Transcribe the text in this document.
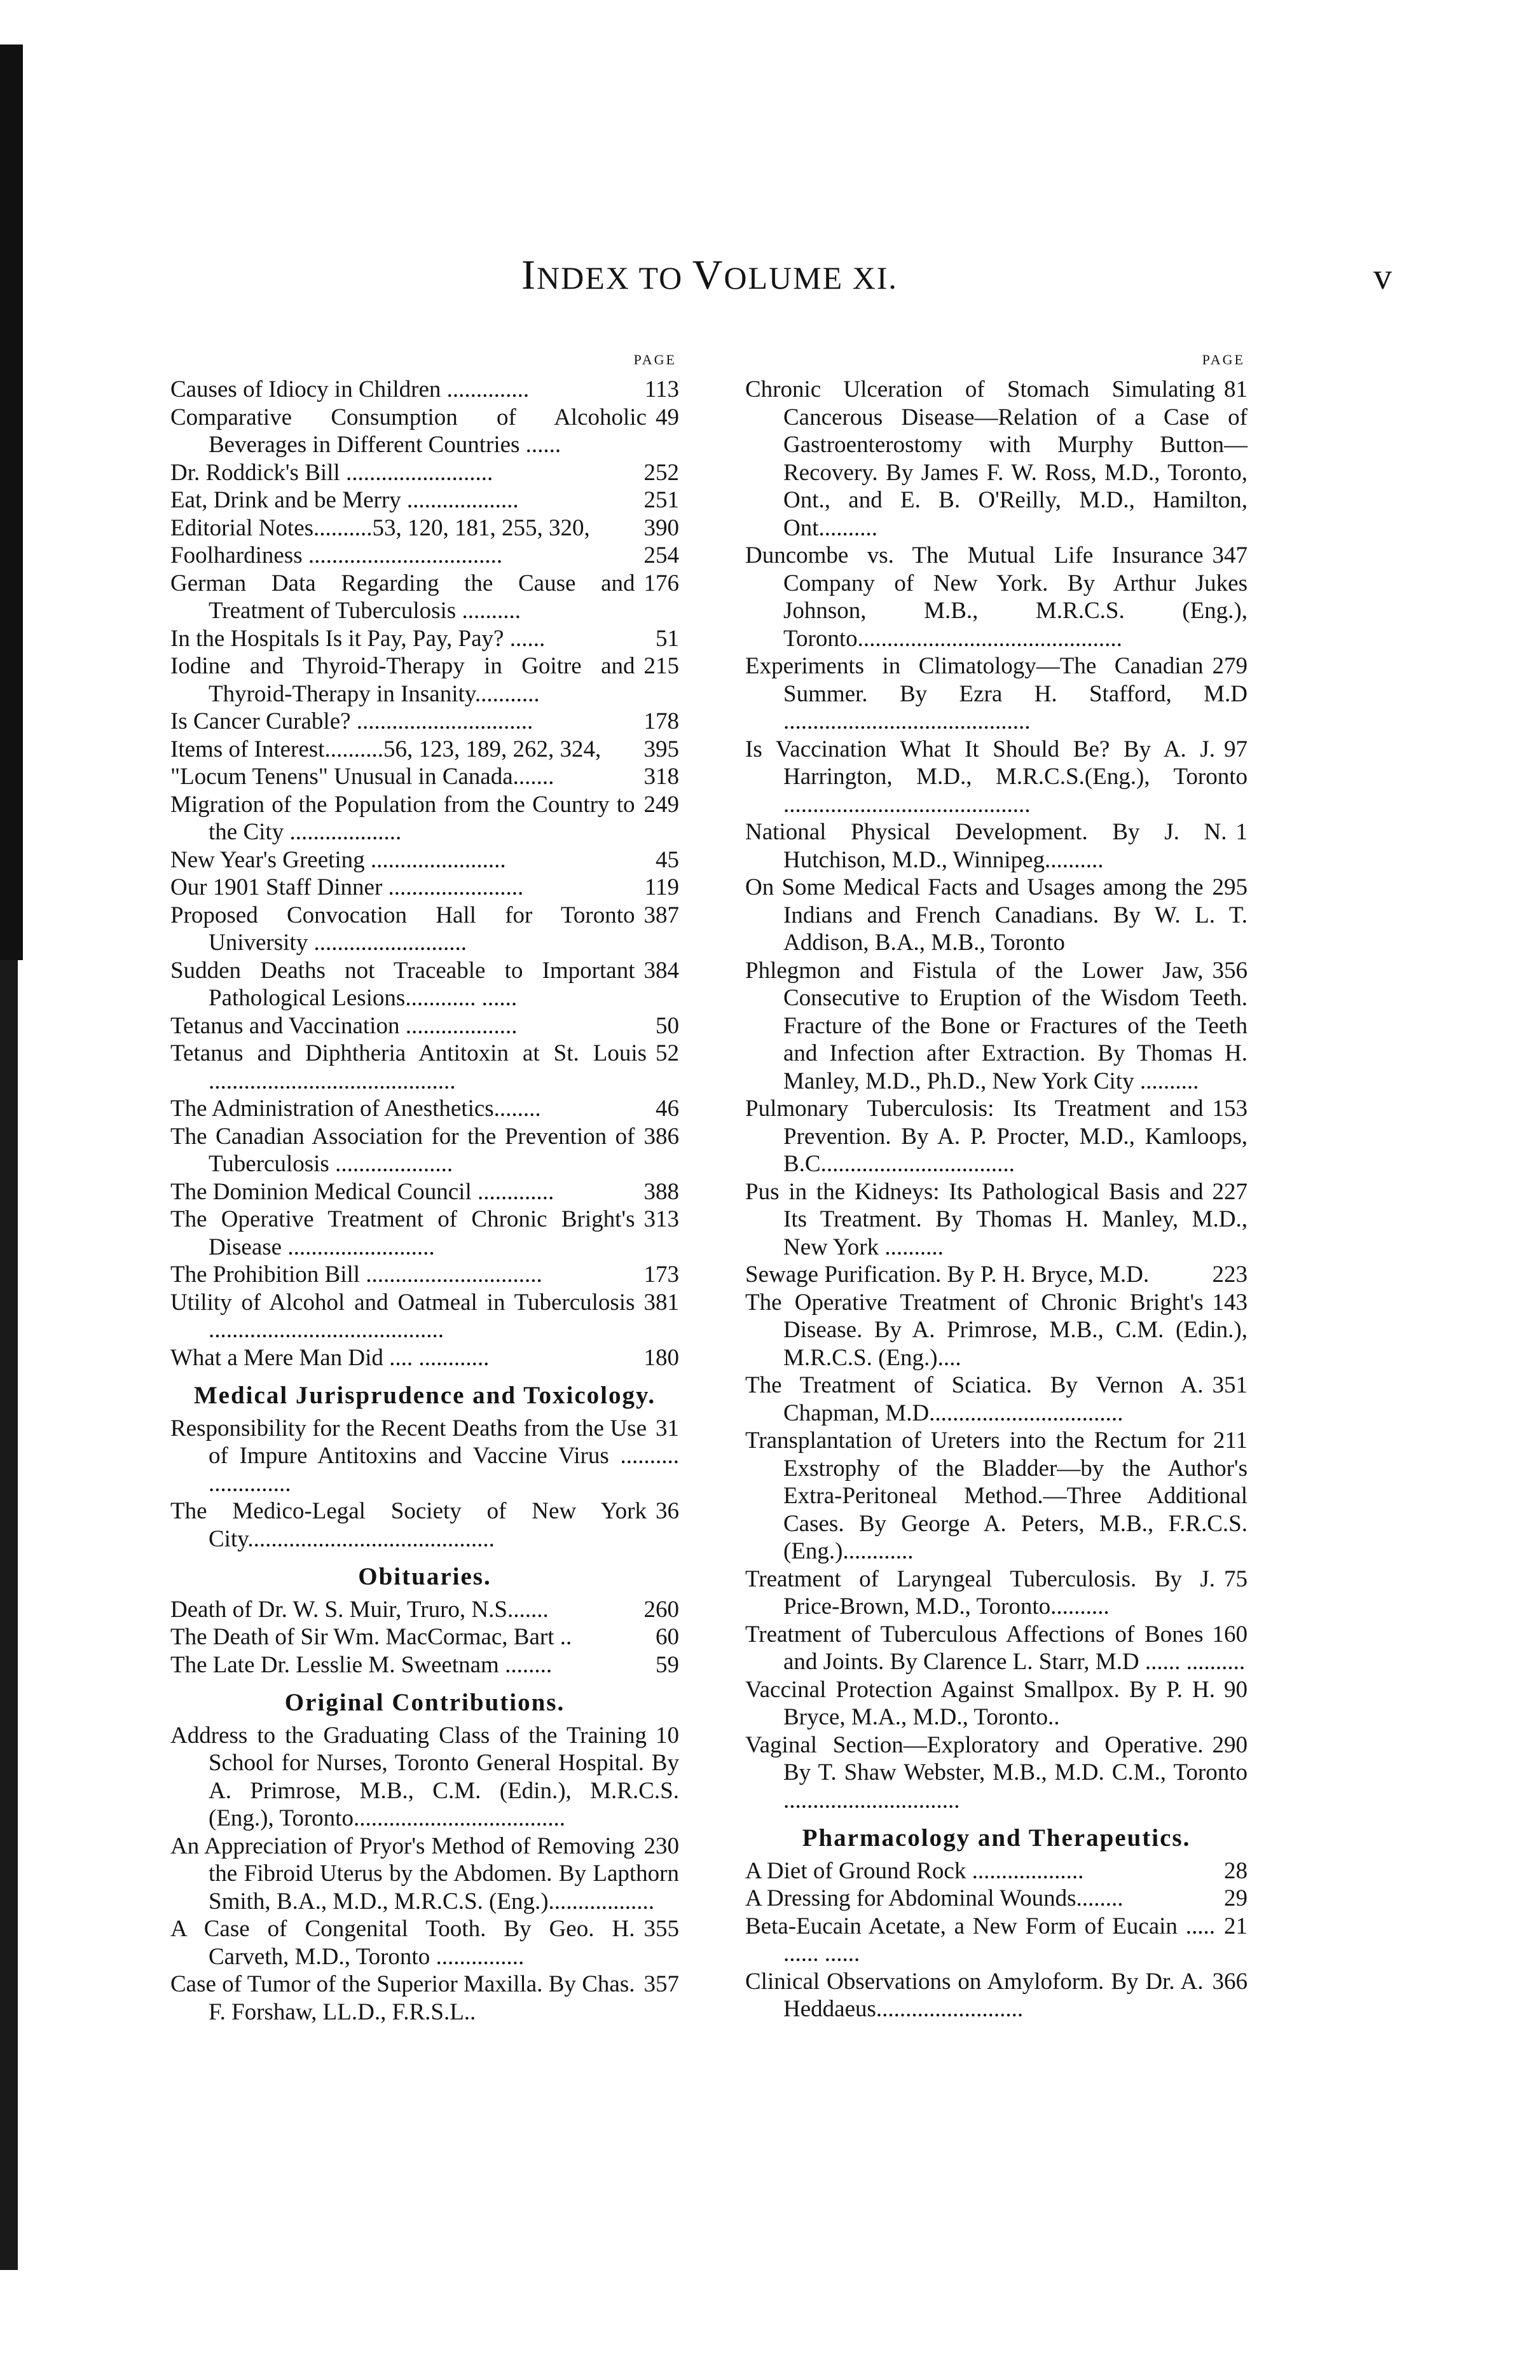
INDEX TO VOLUME XI.	v
PAGE
113
Causes of Idiocy in Children ..............
49
Comparative Consumption of Alcoholic Beverages in Different Countries ......
252
Dr. Roddick's Bill .........................
251
Eat, Drink and be Merry ...................
390
Editorial Notes..........53, 120, 181, 255, 320,
254
Foolhardiness .................................
176
German Data Regarding the Cause and Treatment of Tuberculosis ..........
51
In the Hospitals Is it Pay, Pay, Pay? ......
215
Iodine and Thyroid-Therapy in Goitre and Thyroid-Therapy in Insanity...........
178
Is Cancer Curable? ..............................
395
Items of Interest..........56, 123, 189, 262, 324,
318
"Locum Tenens" Unusual in Canada.......
249
Migration of the Population from the Country to the City ...................
45
New Year's Greeting .......................
119
Our 1901 Staff Dinner .......................
387
Proposed Convocation Hall for Toronto University ..........................
384
Sudden Deaths not Traceable to Important Pathological Lesions............ ......
50
Tetanus and Vaccination ...................
52
Tetanus and Diphtheria Antitoxin at St. Louis ..........................................
46
The Administration of Anesthetics........
386
The Canadian Association for the Prevention of Tuberculosis ....................
388
The Dominion Medical Council .............
313
The Operative Treatment of Chronic Bright's Disease .........................
173
The Prohibition Bill ..............................
381
Utility of Alcohol and Oatmeal in Tuberculosis ........................................
180
What a Mere Man Did .... ............
Medical Jurisprudence and Toxicology.
31
Responsibility for the Recent Deaths from the Use of Impure Antitoxins and Vaccine Virus .......... ..............
36
The Medico-Legal Society of New York City..........................................
Obituaries.
260
Death of Dr. W. S. Muir, Truro, N.S.......
60
The Death of Sir Wm. MacCormac, Bart ..
59
The Late Dr. Lesslie M. Sweetnam ........
Original Contributions.
10
Address to the Graduating Class of the Training School for Nurses, Toronto General Hospital. By A. Primrose, M.B., C.M. (Edin.), M.R.C.S. (Eng.), Toronto....................................
230
An Appreciation of Pryor's Method of Removing the Fibroid Uterus by the Abdomen. By Lapthorn Smith, B.A., M.D., M.R.C.S. (Eng.)..................
355
A Case of Congenital Tooth. By Geo. H. Carveth, M.D., Toronto ...............
357
Case of Tumor of the Superior Maxilla. By Chas. F. Forshaw, LL.D., F.R.S.L..
PAGE
81
Chronic Ulceration of Stomach Simulating Cancerous Disease—Relation of a Case of Gastroenterostomy with Murphy Button—Recovery. By James F. W. Ross, M.D., Toronto, Ont., and E. B. O'Reilly, M.D., Hamilton, Ont..........
347
Duncombe vs. The Mutual Life Insurance Company of New York. By Arthur Jukes Johnson, M.B., M.R.C.S. (Eng.), Toronto.............................................
279
Experiments in Climatology—The Canadian Summer. By Ezra H. Stafford, M.D ..........................................
97
Is Vaccination What It Should Be? By A. J. Harrington, M.D., M.R.C.S.(Eng.), Toronto ..........................................
1
National Physical Development. By J. N. Hutchison, M.D., Winnipeg..........
295
On Some Medical Facts and Usages among the Indians and French Canadians. By W. L. T. Addison, B.A., M.B., Toronto
356
Phlegmon and Fistula of the Lower Jaw, Consecutive to Eruption of the Wisdom Teeth. Fracture of the Bone or Fractures of the Teeth and Infection after Extraction. By Thomas H. Manley, M.D., Ph.D., New York City ..........
153
Pulmonary Tuberculosis: Its Treatment and Prevention. By A. P. Procter, M.D., Kamloops, B.C.................................
227
Pus in the Kidneys: Its Pathological Basis and Its Treatment. By Thomas H. Manley, M.D., New York ..........
223
Sewage Purification. By P. H. Bryce, M.D.
143
The Operative Treatment of Chronic Bright's Disease. By A. Primrose, M.B., C.M. (Edin.), M.R.C.S. (Eng.)....
351
The Treatment of Sciatica. By Vernon A. Chapman, M.D.................................
211
Transplantation of Ureters into the Rectum for Exstrophy of the Bladder—by the Author's Extra-Peritoneal Method.—Three Additional Cases. By George A. Peters, M.B., F.R.C.S. (Eng.)............
75
Treatment of Laryngeal Tuberculosis. By J. Price-Brown, M.D., Toronto..........
160
Treatment of Tuberculous Affections of Bones and Joints. By Clarence L. Starr, M.D ...... ..........
90
Vaccinal Protection Against Smallpox. By P. H. Bryce, M.A., M.D., Toronto..
290
Vaginal Section—Exploratory and Operative. By T. Shaw Webster, M.B., M.D. C.M., Toronto ..............................
Pharmacology and Therapeutics.
28
A Diet of Ground Rock ...................
29
A Dressing for Abdominal Wounds........
21
Beta-Eucain Acetate, a New Form of Eucain ..... ...... ......
366
Clinical Observations on Amyloform. By Dr. A. Heddaeus.........................
